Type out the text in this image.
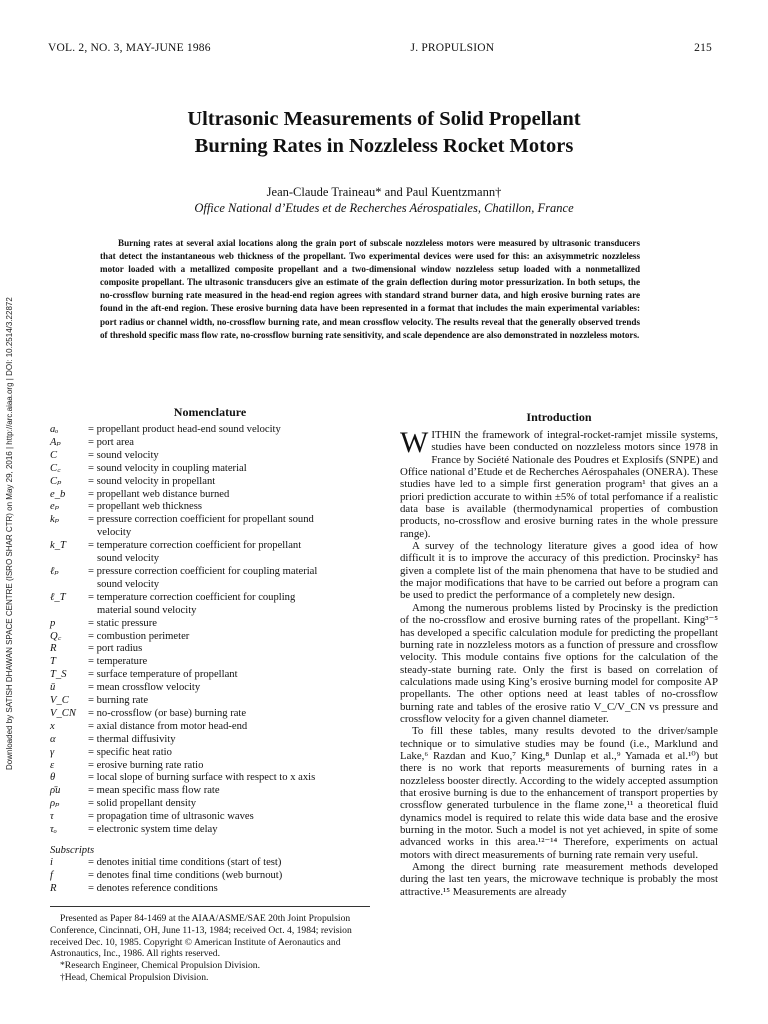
VOL. 2, NO. 3, MAY-JUNE 1986	J. PROPULSION	215
Downloaded by SATISH DHAWAN SPACE CENTRE (ISRO SHAR CTR) on May 29, 2016 | http://arc.aiaa.org | DOI: 10.2514/3.22872
Ultrasonic Measurements of Solid Propellant
Burning Rates in Nozzleless Rocket Motors
Jean-Claude Traineau* and Paul Kuentzmann†
Office National d’Etudes et de Recherches Aérospatiales, Chatillon, France

Burning rates at several axial locations along the grain port of subscale nozzleless motors were measured by ultrasonic transducers that detect the instantaneous web thickness of the propellant. Two experimental devices were used for this: an axisymmetric nozzleless motor loaded with a metallized composite propellant and a two-dimensional window nozzleless setup loaded with a nonmetallized composite propellant. The ultrasonic transducers give an estimate of the grain deflection during motor pressurization. In both setups, the no-crossflow burning rate measured in the head-end region agrees with standard strand burner data, and high erosive burning rates are found in the aft-end region. These erosive burning data have been represented in a format that includes the main experimental variables: port radius or channel width, no-crossflow burning rate, and mean crossflow velocity. The results reveal that the generally observed trends of threshold specific mass flow rate, no-crossflow burning rate sensitivity, and scale dependence are also demonstrated in nozzleless motors.

Nomenclature
aₒ	= propellant product head-end sound velocity
Aₚ	= port area
C	= sound velocity
C꜀	= sound velocity in coupling material
Cₚ	= sound velocity in propellant
e_b	= propellant web distance burned
eₚ	= propellant web thickness
kₚ	= pressure correction coefficient for propellant sound
velocity
k_T	= temperature correction coefficient for propellant
sound velocity
ℓₚ	= pressure correction coefficient for coupling material
sound velocity
ℓ_T	= temperature correction coefficient for coupling
material sound velocity
p	= static pressure
Q꜀	= combustion perimeter
R	= port radius
T	= temperature
T_S	= surface temperature of propellant
ū	= mean crossflow velocity
V_C	= burning rate
V_CN	= no-crossflow (or base) burning rate
x	= axial distance from motor head-end
α	= thermal diffusivity
γ	= specific heat ratio
ε	= erosive burning rate ratio
θ	= local slope of burning surface with respect to x axis
ρ̄u	= mean specific mass flow rate
ρₚ	= solid propellant density
τ	= propagation time of ultrasonic waves
τₒ	= electronic system time delay
Subscripts
i	= denotes initial time conditions (start of test)
f	= denotes final time conditions (web burnout)
R	= denotes reference conditions

Presented as Paper 84-1469 at the AIAA/ASME/SAE 20th Joint Propulsion Conference, Cincinnati, OH, June 11-13, 1984; received Oct. 4, 1984; revision received Dec. 10, 1985. Copyright © American Institute of Aeronautics and Astronautics, Inc., 1986. All rights reserved.

*Research Engineer, Chemical Propulsion Division.

†Head, Chemical Propulsion Division.

Introduction

WITHIN the framework of integral-rocket-ramjet missile systems, studies have been conducted on nozzleless motors since 1978 in France by Société Nationale des Poudres et Explosifs (SNPE) and Office national d’Etude et de Recherches Aérospahales (ONERA). These studies have led to a simple first generation program¹ that gives an a priori prediction accurate to within ±5% of total perfomance if a realistic data base is available (thermodynamical properties of combustion products, no-crossflow and erosive burning rates in the whole pressure range).

A survey of the technology literature gives a good idea of how difficult it is to improve the accuracy of this prediction. Procinsky² has given a complete list of the main phenomena that have to be studied and the major modifications that have to be carried out before a program can be used to predict the performance of a completely new design.

Among the numerous problems listed by Procinsky is the prediction of the no-crossflow and erosive burning rates of the propellant. King³⁻⁵ has developed a specific calculation module for predicting the propellant burning rate in nozzleless motors as a function of pressure and crossflow velocity. This module contains five options for the calculation of the steady-state burning rate. Only the first is based on correlation of calculations made using King’s erosive burning model for composite AP propellants. The other options need at least tables of no-crossflow burning rate and tables of the erosive ratio V_C/V_CN vs pressure and crossflow velocity for a given channel diameter.

To fill these tables, many results devoted to the driver/sample technique or to simulative studies may be found (i.e., Marklund and Lake,⁶ Razdan and Kuo,⁷ King,⁸ Dunlap et al.,⁹ Yamada et al.¹⁰) but there is no work that reports measurements of burning rates in a nozzleless booster directly. According to the widely accepted assumption that erosive burning is due to the enhancement of transport properties by crossflow generated turbulence in the flame zone,¹¹ a theoretical fluid dynamics model is required to relate this wide data base and the erosive burning in the motor. Such a model is not yet achieved, in spite of some advanced works in this area.¹²⁻¹⁴ Therefore, experiments on actual motors with direct measurements of burning rate remain very useful.

Among the direct burning rate measurement methods developed during the last ten years, the microwave technique is probably the most attractive.¹⁵ Measurements are already
